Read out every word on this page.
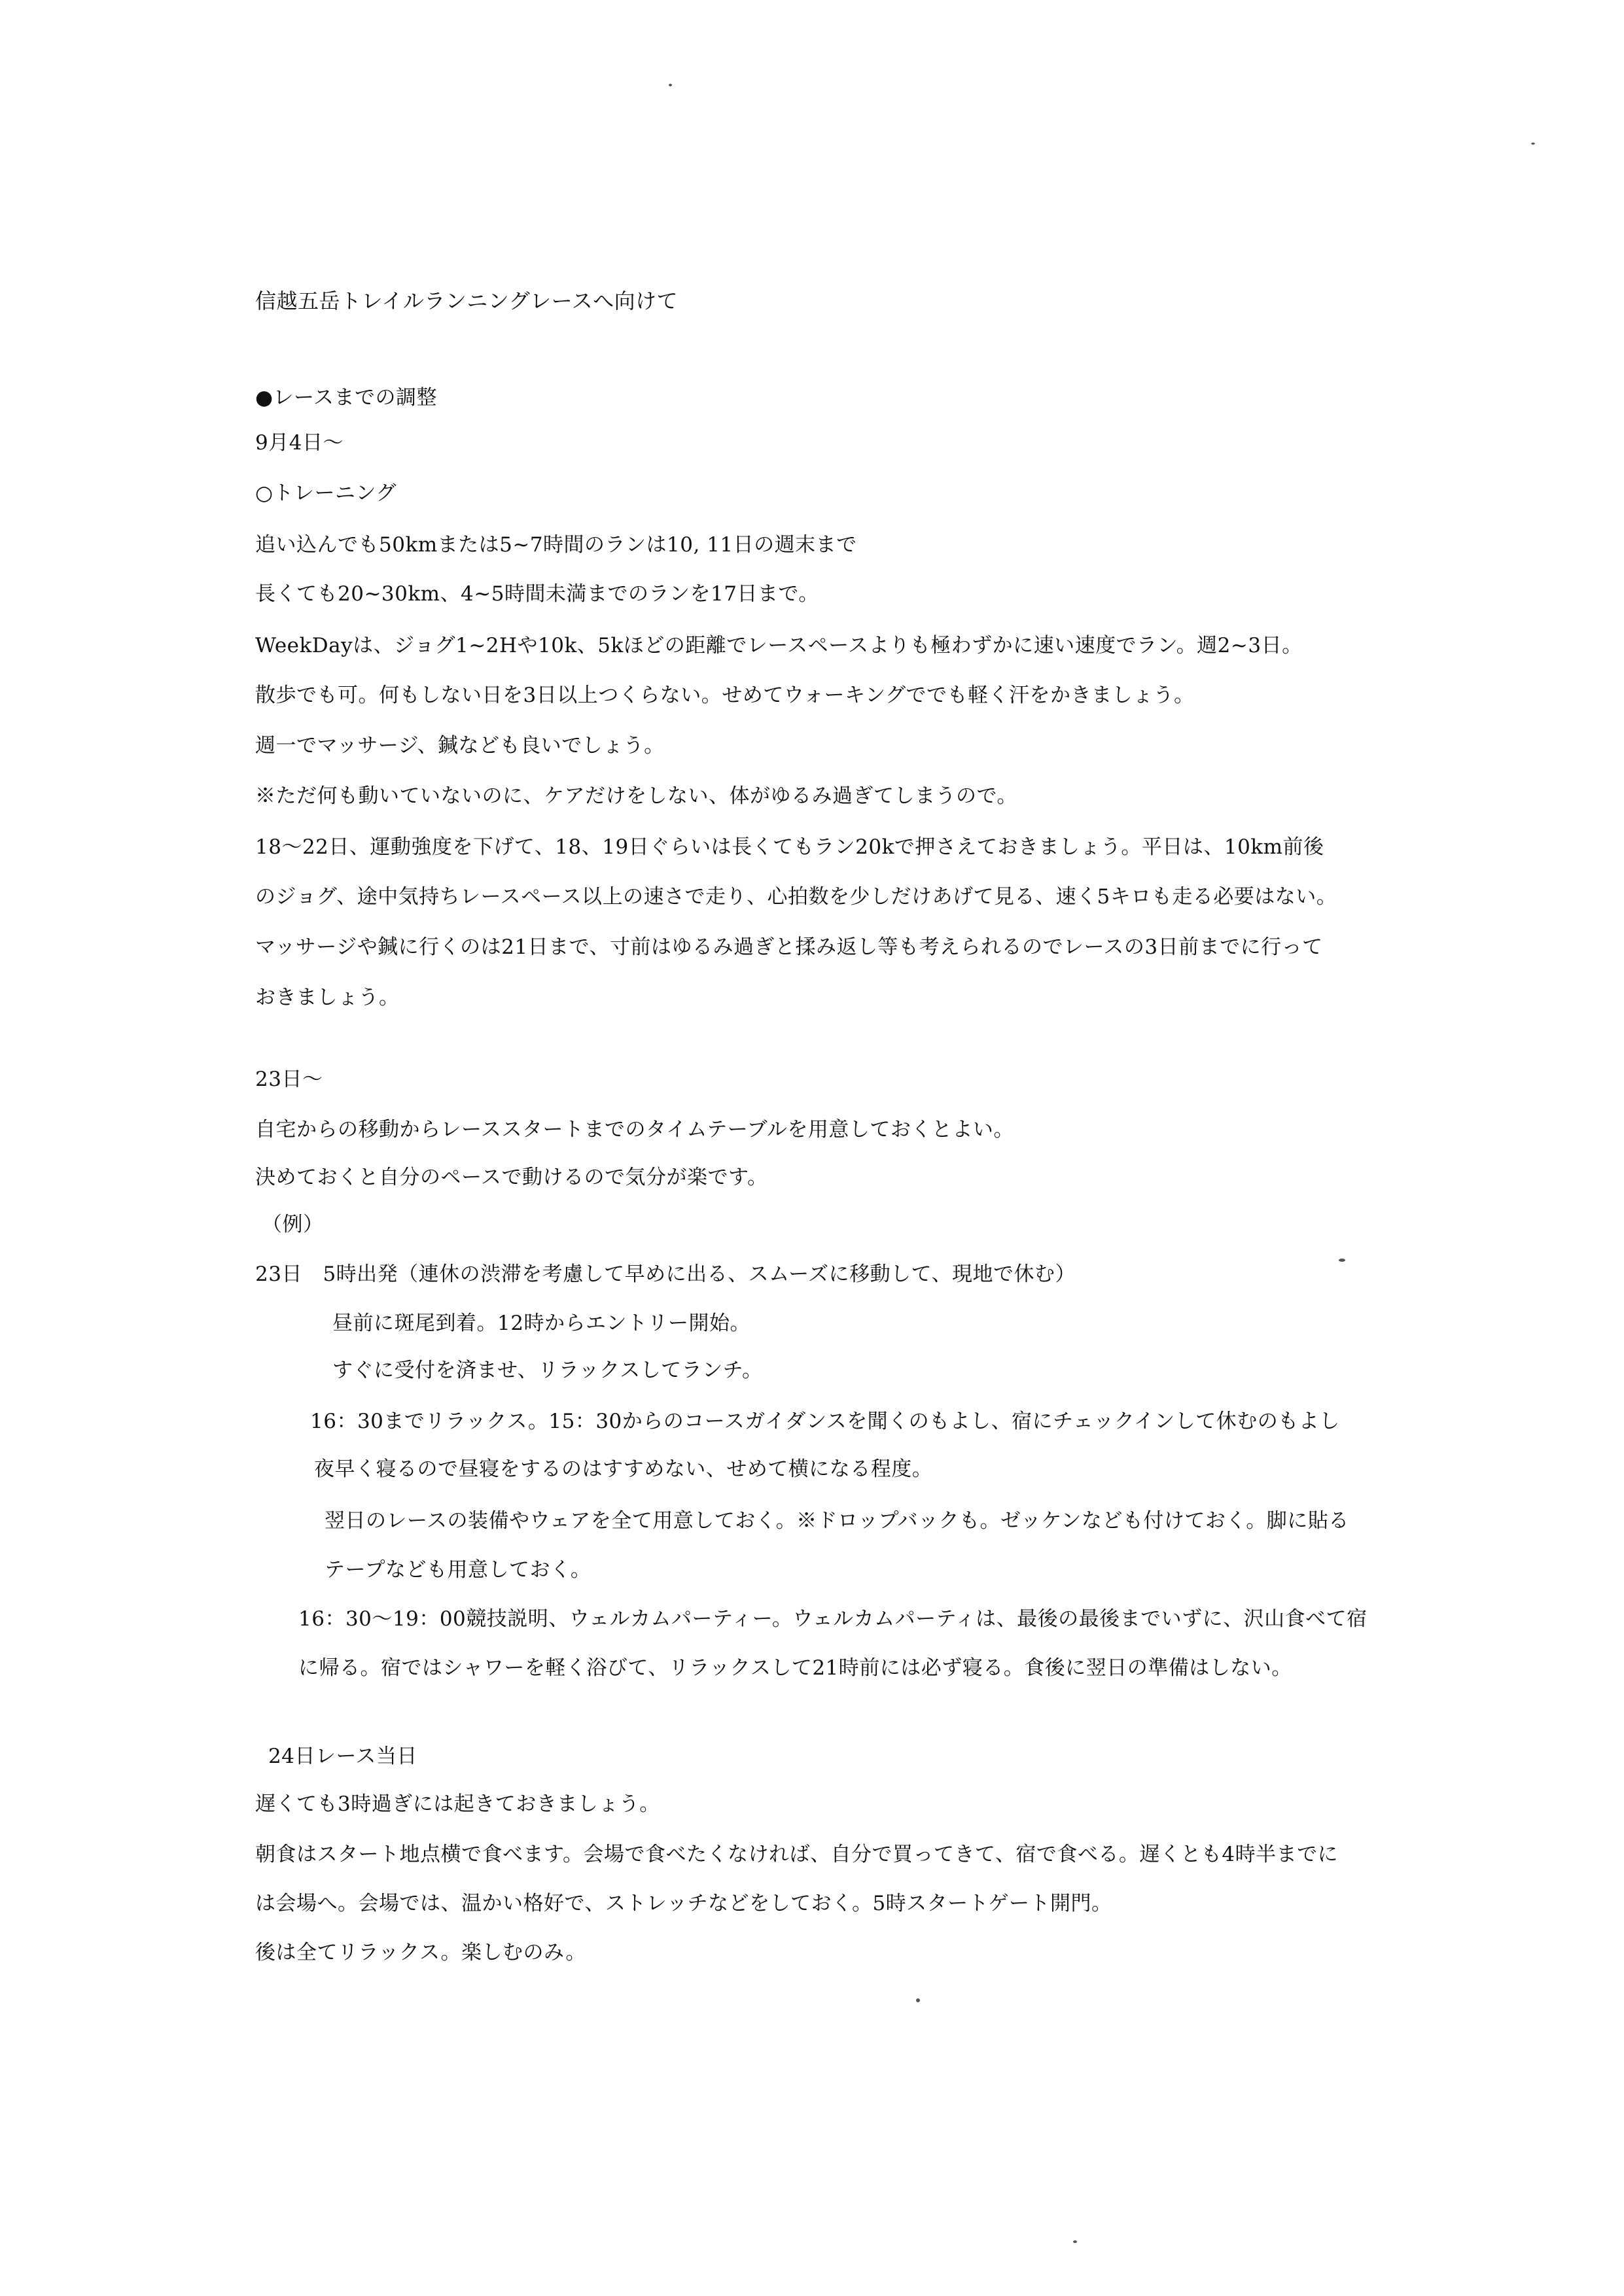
信越五岳トレイルランニングレースへ向けて
●レースまでの調整
9月4日〜
○トレーニング
追い込んでも50kmまたは5~7時間のランは10, 11日の週末まで
長くても20~30km、4~5時間未満までのランを17日まで。
WeekDayは、ジョグ1~2Hや10k、5kほどの距離でレースペースよりも極わずかに速い速度でラン。週2~3日。
散歩でも可。何もしない日を3日以上つくらない。せめてウォーキングででも軽く汗をかきましょう。
週一でマッサージ、鍼なども良いでしょう。
※ただ何も動いていないのに、ケアだけをしない、体がゆるみ過ぎてしまうので。
18〜22日、運動強度を下げて、18、19日ぐらいは長くてもラン20kで押さえておきましょう。平日は、10km前後
のジョグ、途中気持ちレースペース以上の速さで走り、心拍数を少しだけあげて見る、速く5キロも走る必要はない。
マッサージや鍼に行くのは21日まで、寸前はゆるみ過ぎと揉み返し等も考えられるのでレースの3日前までに行って
おきましょう。
23日〜
自宅からの移動からレーススタートまでのタイムテーブルを用意しておくとよい。
決めておくと自分のペースで動けるので気分が楽です。
（例）
23日　5時出発（連休の渋滞を考慮して早めに出る、スムーズに移動して、現地で休む）
昼前に斑尾到着。12時からエントリー開始。
すぐに受付を済ませ、リラックスしてランチ。
16：30までリラックス。15：30からのコースガイダンスを聞くのもよし、宿にチェックインして休むのもよし
夜早く寝るので昼寝をするのはすすめない、せめて横になる程度。
翌日のレースの装備やウェアを全て用意しておく。※ドロップバックも。ゼッケンなども付けておく。脚に貼る
テープなども用意しておく。
16：30〜19：00競技説明、ウェルカムパーティー。ウェルカムパーティは、最後の最後までいずに、沢山食べて宿
に帰る。宿ではシャワーを軽く浴びて、リラックスして21時前には必ず寝る。食後に翌日の準備はしない。
24日レース当日
遅くても3時過ぎには起きておきましょう。
朝食はスタート地点横で食べます。会場で食べたくなければ、自分で買ってきて、宿で食べる。遅くとも4時半までに
は会場へ。会場では、温かい格好で、ストレッチなどをしておく。5時スタートゲート開門。
後は全てリラックス。楽しむのみ。
